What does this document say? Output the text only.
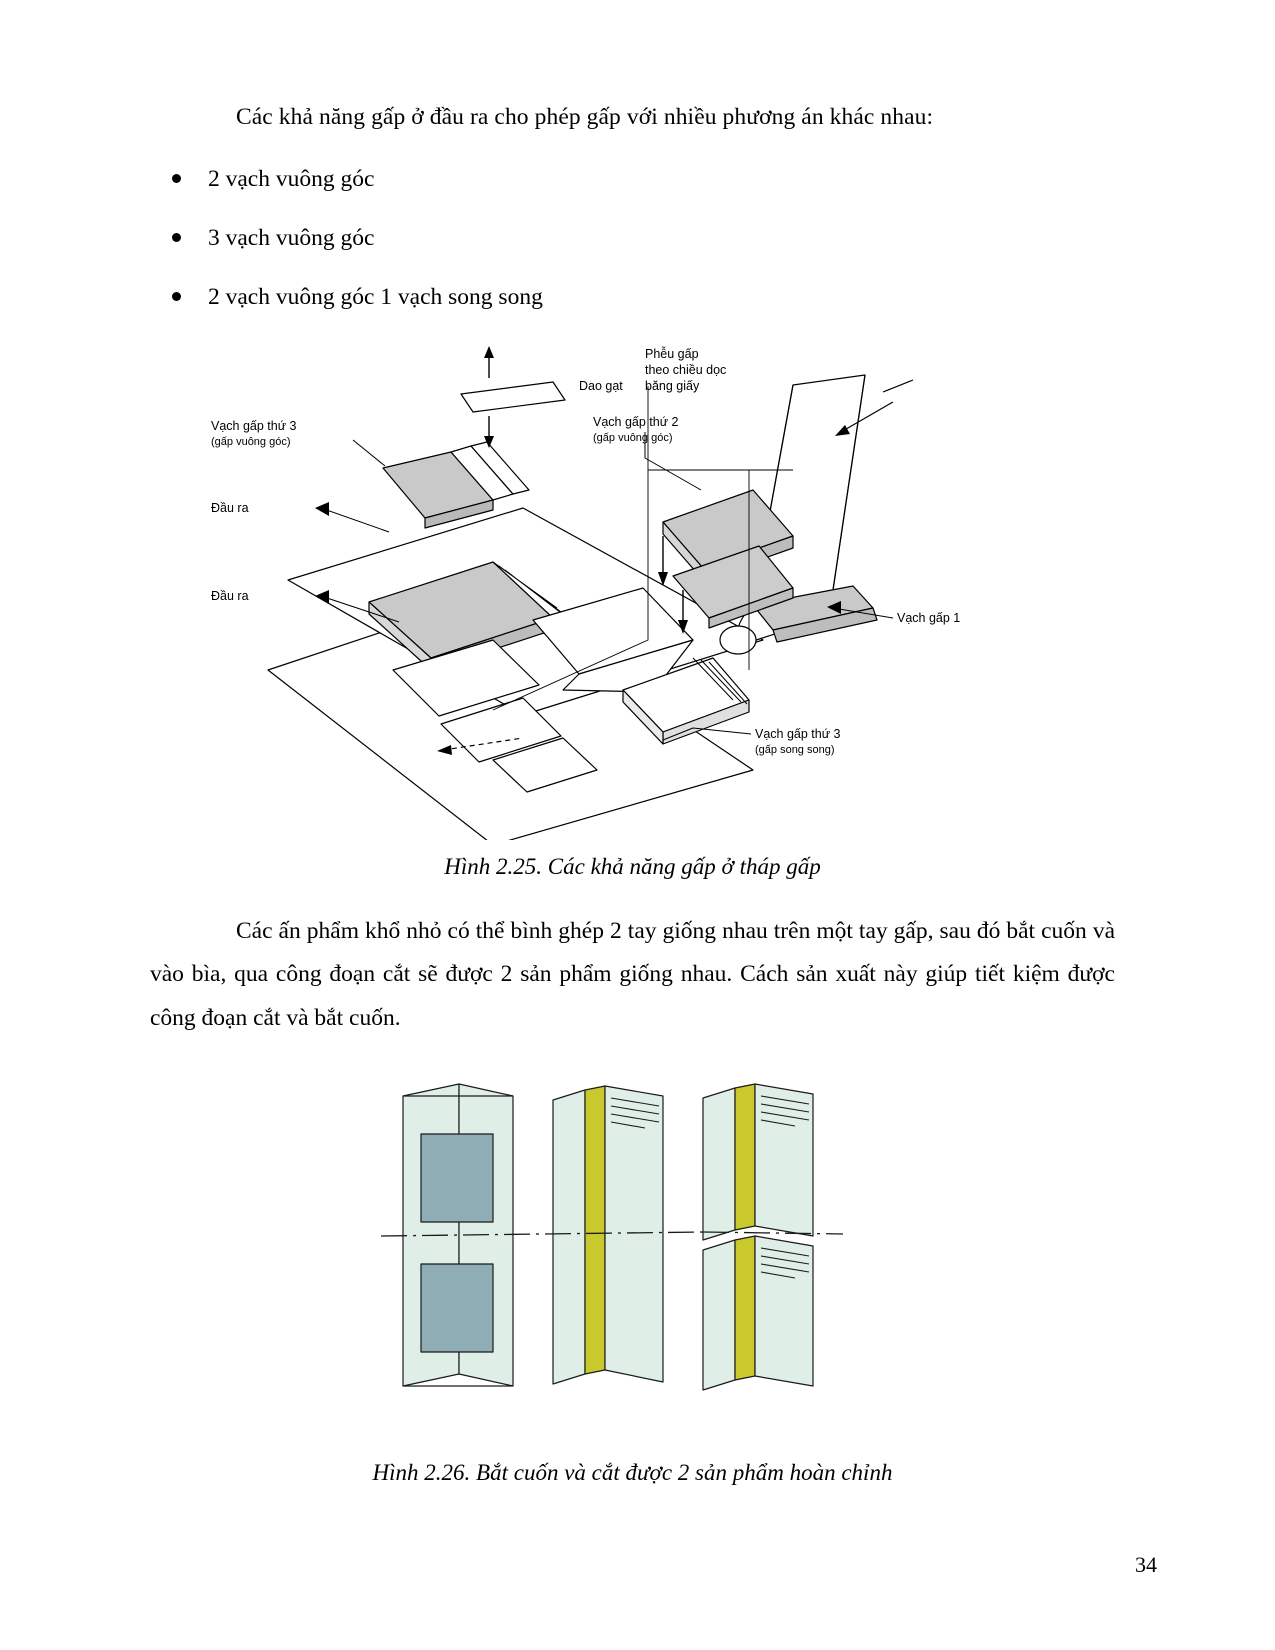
Các khả năng gấp ở đầu ra cho phép gấp với nhiều phương án khác nhau:

2 vạch vuông góc
3 vạch vuông góc
2 vạch vuông góc 1 vạch song song
Dao gạt
Phễu gấp
theo chiều dọc
băng giấy
Vạch gấp thứ 3
(gấp vuông góc)
Vạch gấp thứ 2
(gấp vuông góc)
Đầu ra
Đầu ra
Vạch gấp 1
Vạch gấp thứ 3
(gấp song song)
Hình 2.25. Các khả năng gấp ở tháp gấp

Các ấn phẩm khổ nhỏ có thể bình ghép 2 tay giống nhau trên một tay gấp, sau đó bắt cuốn và vào bìa, qua công đoạn cắt sẽ được 2 sản phẩm giống nhau. Cách sản xuất này giúp tiết kiệm được công đoạn cắt và bắt cuốn.

Hình 2.26. Bắt cuốn và cắt được 2 sản phẩm hoàn chỉnh
34
